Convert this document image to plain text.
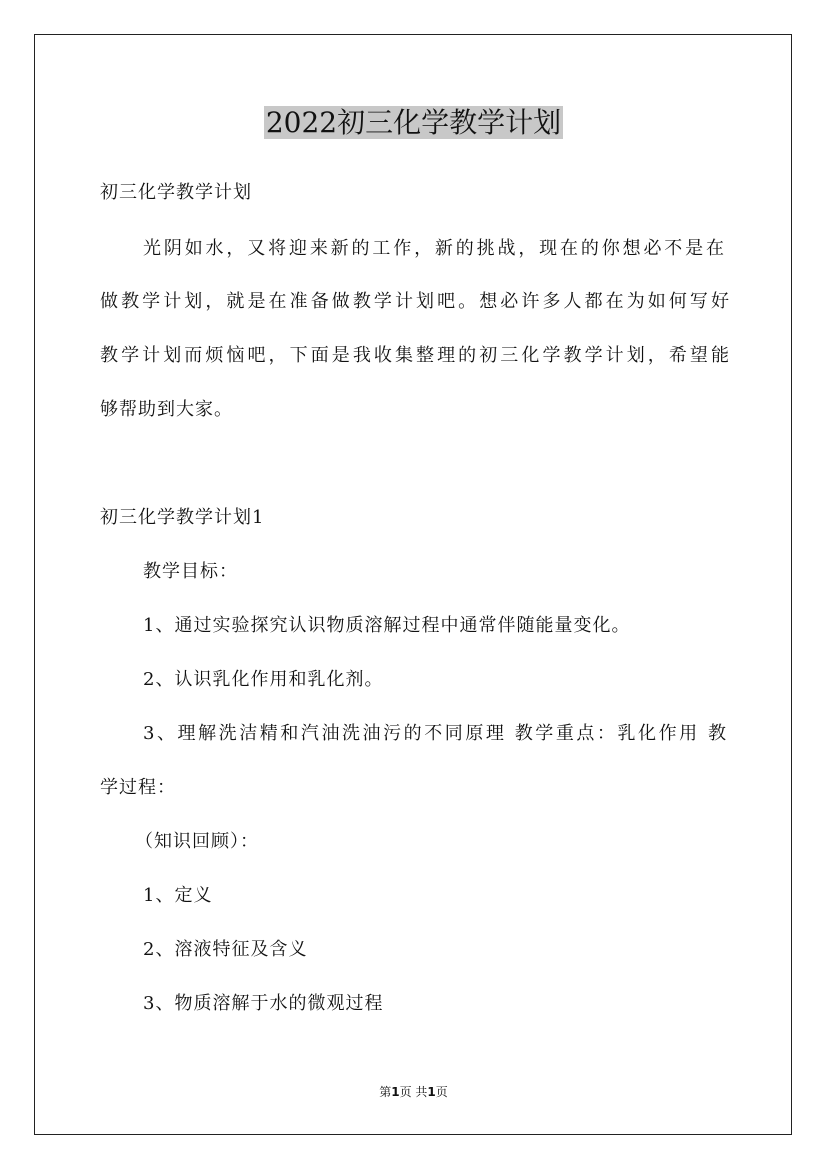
2022初三化学教学计划

初三化学教学计划

光阴如水，又将迎来新的工作，新的挑战，现在的你想必不是在

做教学计划，就是在准备做教学计划吧。想必许多人都在为如何写好

教学计划而烦恼吧，下面是我收集整理的初三化学教学计划，希望能

够帮助到大家。

初三化学教学计划1

教学目标：

1、通过实验探究认识物质溶解过程中通常伴随能量变化。

2、认识乳化作用和乳化剂。

3、理解洗洁精和汽油洗油污的不同原理 教学重点：乳化作用 教

学过程：

（知识回顾）：

1、定义

2、溶液特征及含义

3、物质溶解于水的微观过程

第1页 共1页
